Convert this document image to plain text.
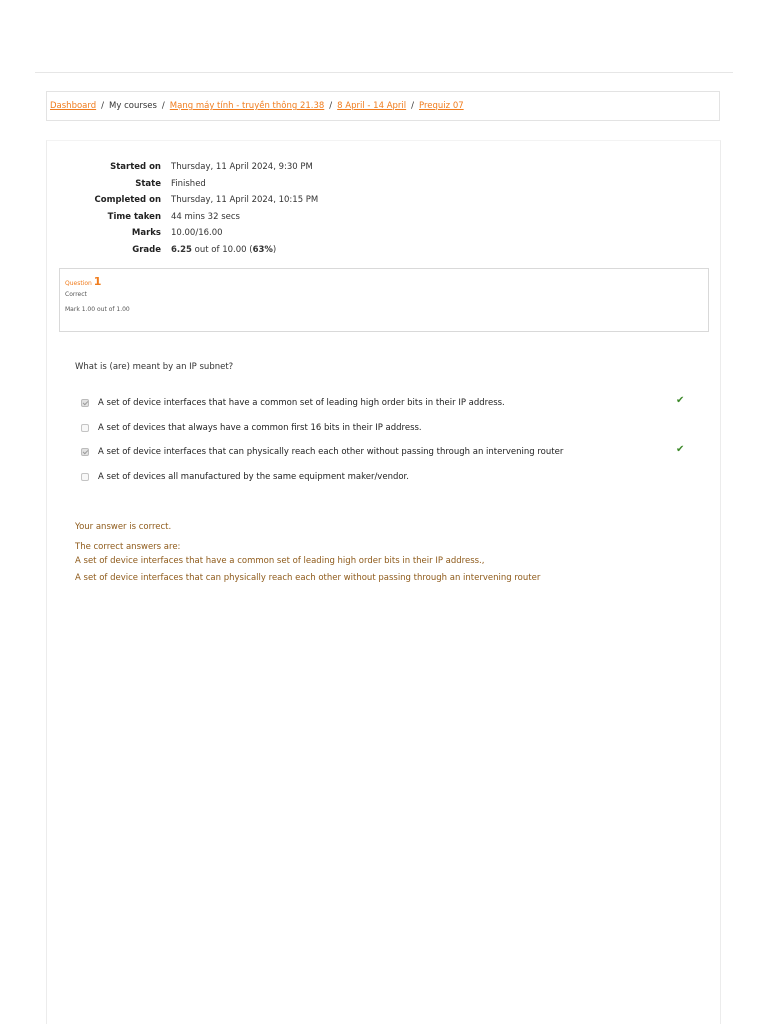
Dashboard / My courses / Mạng máy tính - truyền thông 21.38 / 8 April - 14 April / Prequiz 07
Started on Thursday, 11 April 2024, 9:30 PM
State Finished
Completed on Thursday, 11 April 2024, 10:15 PM
Time taken 44 mins 32 secs
Marks 10.00/16.00
Grade 6.25 out of 10.00 (63%)
Question 1
Correct
Mark 1.00 out of 1.00
What is (are) meant by an IP subnet?
A set of device interfaces that have a common set of leading high order bits in their IP address.	✔
A set of devices that always have a common first 16 bits in their IP address.
A set of device interfaces that can physically reach each other without passing through an intervening router	✔
A set of devices all manufactured by the same equipment maker/vendor.
Your answer is correct.
The correct answers are:
A set of device interfaces that have a common set of leading high order bits in their IP address.,
A set of device interfaces that can physically reach each other without passing through an intervening router
